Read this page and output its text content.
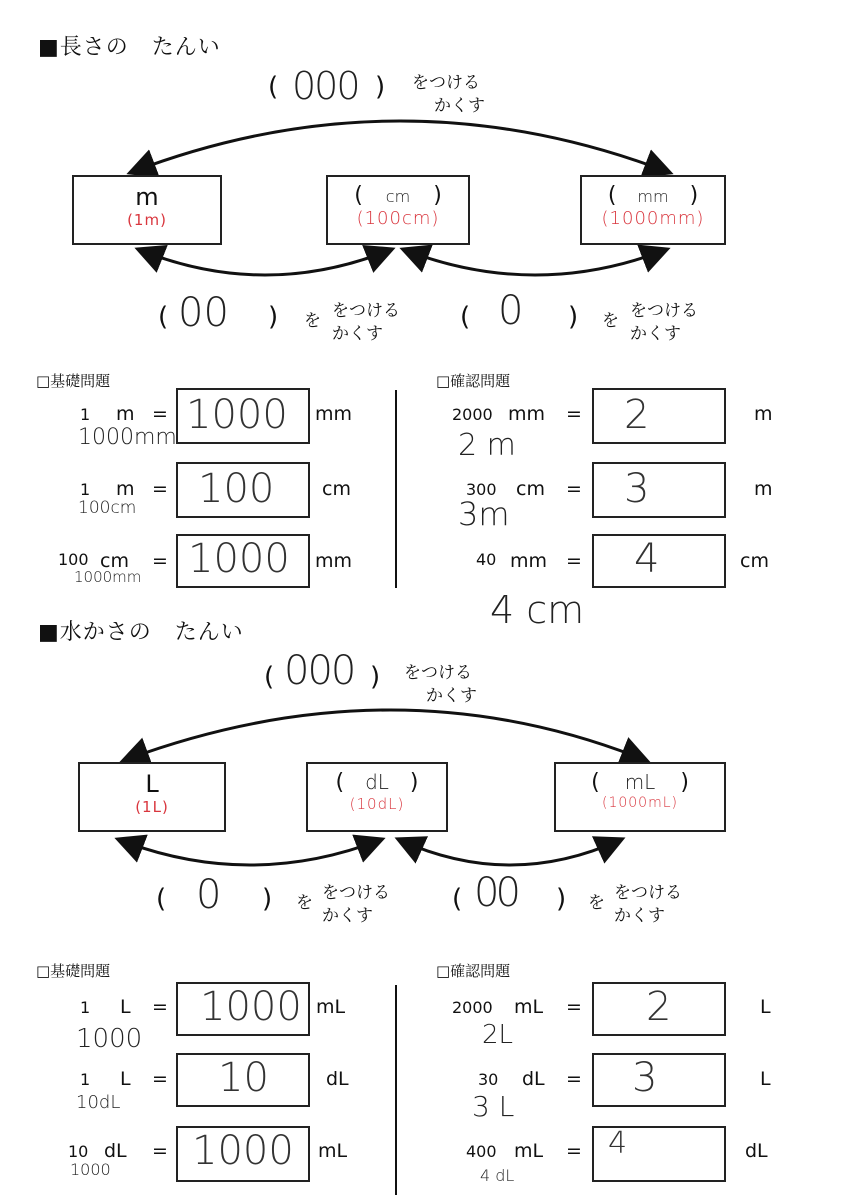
■長さの　たんい
( 000 ) をつける
かくす
m
(1m)
( cm )
(100cm)
( mm )
(1000mm)
( 00 ) を をつける
かくす
( 0 ) を をつける
かくす
□基礎問題
1 m = 1000 mm
1000mm
1 m = 100	cm
100cm
100 cm = 1000 mm
1000mm
□確認問題
2000 mm = 2	m
2 m
300 cm = 3	m
3m
40 mm = 4	cm
4 cm
■水かさの　たんい
( 000 ) をつける
かくす
L
(1L)
( dL )
(10dL)
( mL )
(1000mL)
( 0 ) を をつける
かくす
( 00 ) を をつける
かくす
□基礎問題
1 L = 1000 mL
1000
1 L = 10	dL
10dL
10 dL = 1000 mL
1000
□確認問題
2000 mL = 2	L
2L
30 dL = 3	L
3 L
400 mL = 4	dL
4 dL
